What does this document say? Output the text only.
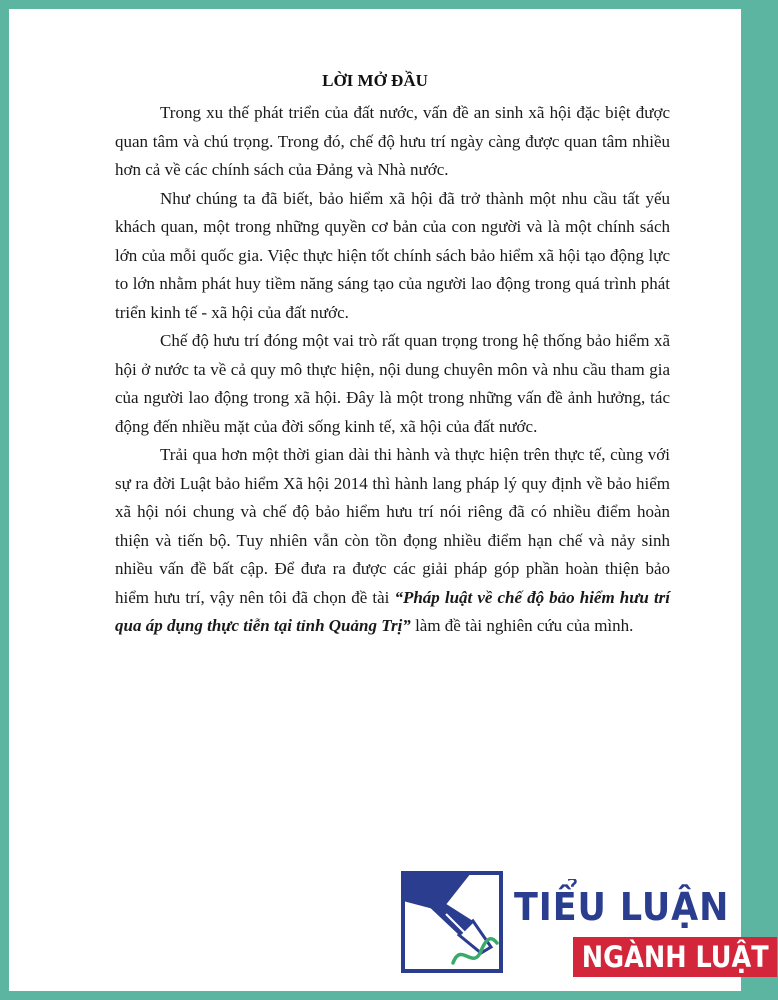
LỜI MỞ ĐẦU

Trong xu thế phát triển của đất nước, vấn đề an sinh xã hội đặc biệt được quan tâm và chú trọng. Trong đó, chế độ hưu trí ngày càng được quan tâm nhiều hơn cả về các chính sách của Đảng và Nhà nước.

Như chúng ta đã biết, bảo hiểm xã hội đã trở thành một nhu cầu tất yếu khách quan, một trong những quyền cơ bản của con người và là một chính sách lớn của mỗi quốc gia. Việc thực hiện tốt chính sách bảo hiểm xã hội tạo động lực to lớn nhằm phát huy tiềm năng sáng tạo của người lao động trong quá trình phát triển kinh tế - xã hội của đất nước.

Chế độ hưu trí đóng một vai trò rất quan trọng trong hệ thống bảo hiểm xã hội ở nước ta về cả quy mô thực hiện, nội dung chuyên môn và nhu cầu tham gia của người lao động trong xã hội. Đây là một trong những vấn đề ảnh hưởng, tác động đến nhiều mặt của đời sống kinh tế, xã hội của đất nước.

Trải qua hơn một thời gian dài thi hành và thực hiện trên thực tế, cùng với sự ra đời Luật bảo hiểm Xã hội 2014 thì hành lang pháp lý quy định về bảo hiểm xã hội nói chung và chế độ bảo hiểm hưu trí nói riêng đã có nhiều điểm hoàn thiện và tiến bộ. Tuy nhiên vẫn còn tồn đọng nhiều điểm hạn chế và nảy sinh nhiều vấn đề bất cập. Để đưa ra được các giải pháp góp phần hoàn thiện bảo hiểm hưu trí, vậy nên tôi đã chọn đề tài “Pháp luật về chế độ bảo hiểm hưu trí qua áp dụng thực tiễn tại tỉnh Quảng Trị” làm đề tài nghiên cứu của mình.

TIỂU LUẬN
NGÀNH LUẬT
